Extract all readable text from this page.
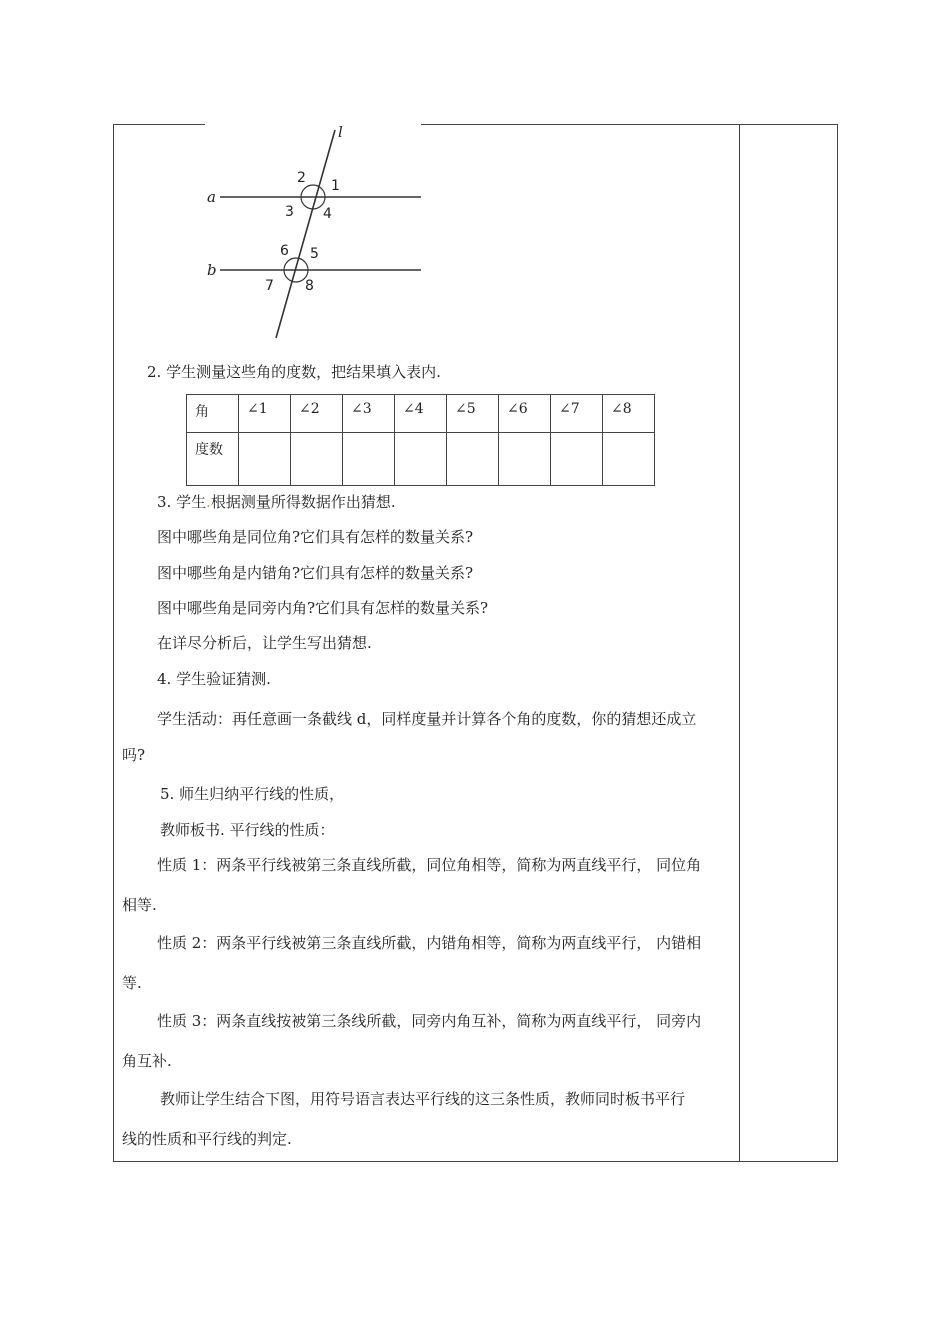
l
a
b
2 1
3 4
6 5
7 8
2. 学生测量这些角的度数，把结果填入表内.
角	∠1	∠2	∠3	∠4	∠5	∠6	∠7	∠8
度数								
3. 学生.根据测量所得数据作出猜想.
图中哪些角是同位角?它们具有怎样的数量关系?
图中哪些角是内错角?它们具有怎样的数量关系?
图中哪些角是同旁内角?它们具有怎样的数量关系?
在详尽分析后，让学生写出猜想.
4. 学生验证猜测.
学生活动：再任意画一条截线 d，同样度量并计算各个角的度数，你的猜想还成立
吗?
5. 师生归纳平行线的性质，
教师板书. 平行线的性质：
性质 1：两条平行线被第三条直线所截，同位角相等，简称为两直线平行， 同位角
相等.
性质 2：两条平行线被第三条直线所截，内错角相等，简称为两直线平行， 内错相
等.
性质 3：两条直线按被第三条线所截，同旁内角互补，简称为两直线平行， 同旁内
角互补.
教师让学生结合下图，用符号语言表达平行线的这三条性质，教师同时板书平行
线的性质和平行线的判定.
